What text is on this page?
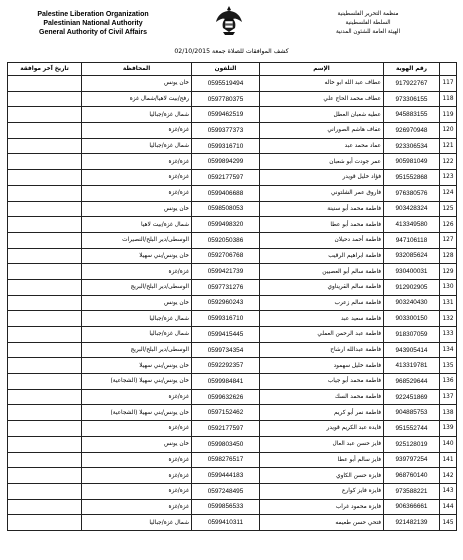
Palestine Liberation Organization
Palestinian National Authority
General Authority of Civil Affairs
منظمة التحرير الفلسطينية
السلطة الفلسطينية
الهيئة العامة للشئون المدنية
كشف الموافقات للصلاة جمعة 02/10/2015
	رقم الهوية	الإسم	التلفون	المحافظة	تاريخ آخر موافقة
117	917922767	عطاف عبد الله ابو خاله	0595519494	خان يونس	
118	973306155	عطاف محمد الحاج علي	0597780375	رفح/بيت لاهيا/شمال غزة	
119	945883155	عطيه شعبان العطل	0599462519	شمال غزة/جباليا	
120	926970948	عفاف هاشم الصوراني	0599377373	غزة/غزة	
121	923306534	عماد محمد عبد	0599316710	شمال غزة/جباليا	
122	905981049	عمر جودت أبو شعبان	0599894299	غزة/غزة	
123	951552868	فؤاد خليل قويدر	0592177597	غزة/غزة	
124	976380576	فاروق عمر الشلتوني	0599406688	غزة/غزة	
125	903428324	فاطمة محمد أبو سنينة	0598508053	خان يونس	
126	413349580	فاطمة محمد أبو عطا	0599498320	شمال غزة/بيت لاهيا	
127	947106118	فاطمة أحمد دحيلان	0592050386	الوسطى/دير البلح/النصيرات	
128	932085624	فاطمة ابراهيم الرقيب	0592706768	خان يونس/بني سهيلا	
129	930400031	فاطمة سالم أبو العصيين	0599421739	غزة/غزة	
130	912902905	فاطمة سالم القريناوي	0597731276	الوسطى/دير البلح/البريج	
131	903240430	فاطمة سالم زعرب	0592960243	خان يونس	
132	903300150	فاطمة سعيد عبد	0599316710	شمال غزة/جباليا	
133	918307059	فاطمة عبد الرحمن العملي	0599415445	شمال غزة/جباليا	
134	943905414	فاطمة عبدالله ارشاح	0599734354	الوسطى/دير البلح/البريج	
135	413319781	فاطمة خليل سهمود	0592292357	خان يونس/بني سهيلا	
136	968529644	فاطمة محمد أبو جياب	0599984841	خان يونس/بني سهيلا (الشجاعية)	
137	922451869	فاطمة محمد السك	0599632626	غزة/غزة	
138	904885753	فاطمة نمر أبو كريم	0597152462	خان يونس/بني سهيلا (الشجاعية)	
139	951552744	فايده عبد الكريم قويدر	0592177597	غزة/غزة	
140	925128019	فايز حسن عبد العال	0599803450	خان يونس	
141	939797254	فايز سالم أبو عطا	0598276517	غزة/غزة	
142	968760140	فايزه حسن الكاوي	0599444183	غزة/غزة	
143	973588221	فايزه فايز كوارع	0597248495	غزة/غزة	
144	906366661	فايزه محمود غراب	0599856533	غزة/غزة	
145	921482139	فتحي حسن طعيمه	0599410311	شمال غزة/جباليا	
